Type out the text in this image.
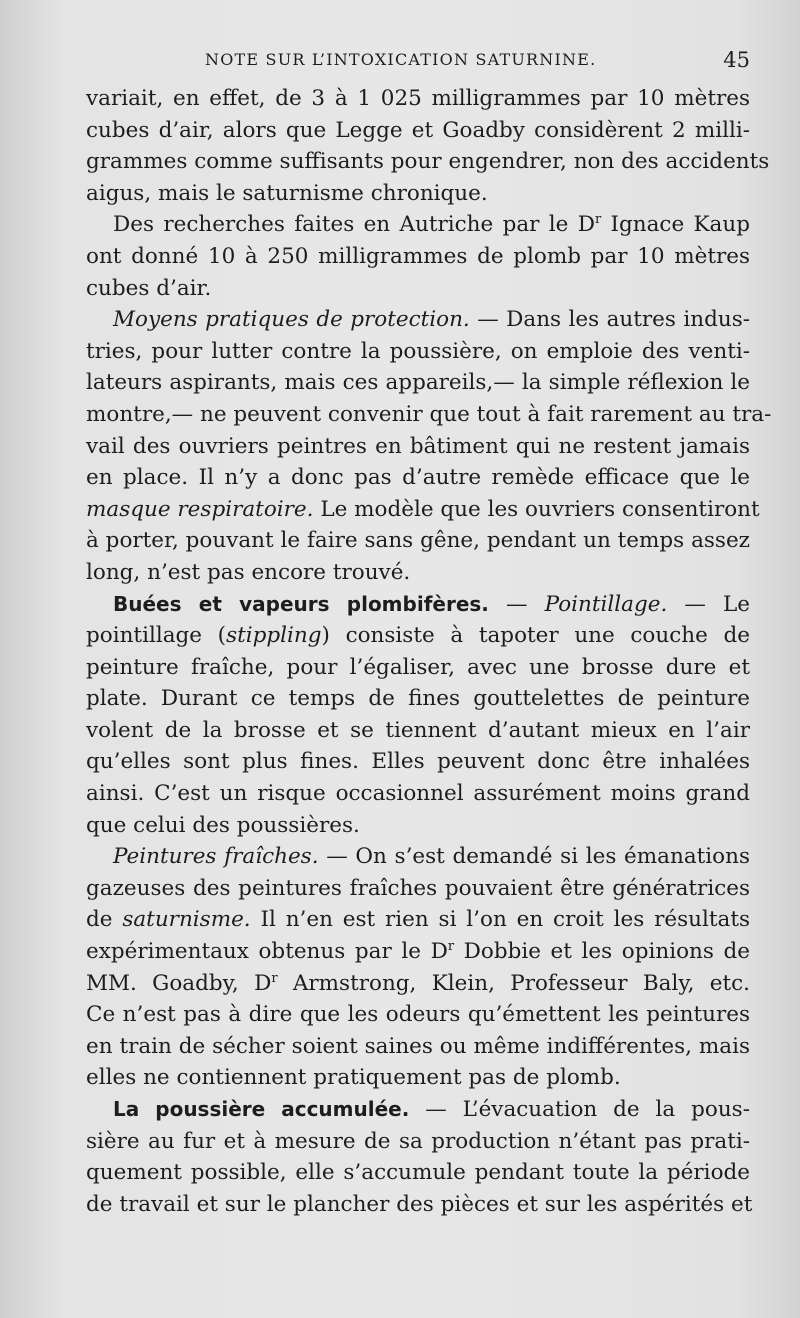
NOTE SUR L’INTOXICATION SATURNINE.	45
variait, en effet, de 3 à 1 025 milligrammes par 10 mètres
cubes d’air, alors que Legge et Goadby considèrent 2 milli-
grammes comme suffisants pour engendrer, non des accidents
aigus, mais le saturnisme chronique.
Des recherches faites en Autriche par le $D^r$ Ignace Kaup
ont donné 10 à 250 milligrammes de plomb par 10 mètres
cubes d’air.
Moyens pratiques de protection. — Dans les autres indus-
tries, pour lutter contre la poussière, on emploie des venti-
lateurs aspirants, mais ces appareils,— la simple réflexion le
montre,— ne peuvent convenir que tout à fait rarement au tra-
vail des ouvriers peintres en bâtiment qui ne restent jamais
en place. Il n’y a donc pas d’autre remède efficace que le
masque respiratoire. Le modèle que les ouvriers consentiront
à porter, pouvant le faire sans gêne, pendant un temps assez
long, n’est pas encore trouvé.
Buées et vapeurs plombifères. — Pointillage. — Le
pointillage (stippling) consiste à tapoter une couche de
peinture fraîche, pour l’égaliser, avec une brosse dure et
plate. Durant ce temps de fines gouttelettes de peinture
volent de la brosse et se tiennent d’autant mieux en l’air
qu’elles sont plus fines. Elles peuvent donc être inhalées
ainsi. C’est un risque occasionnel assurément moins grand
que celui des poussières.
Peintures fraîches. — On s’est demandé si les émanations
gazeuses des peintures fraîches pouvaient être génératrices
de saturnisme. Il n’en est rien si l’on en croit les résultats
expérimentaux obtenus par le $D^r$ Dobbie et les opinions de
MM. Goadby, $D^r$ Armstrong, Klein, Professeur Baly, etc.
Ce n’est pas à dire que les odeurs qu’émettent les peintures
en train de sécher soient saines ou même indifférentes, mais
elles ne contiennent pratiquement pas de plomb.
La poussière accumulée. — L’évacuation de la pous-
sière au fur et à mesure de sa production n’étant pas prati-
quement possible, elle s’accumule pendant toute la période
de travail et sur le plancher des pièces et sur les aspérités et
